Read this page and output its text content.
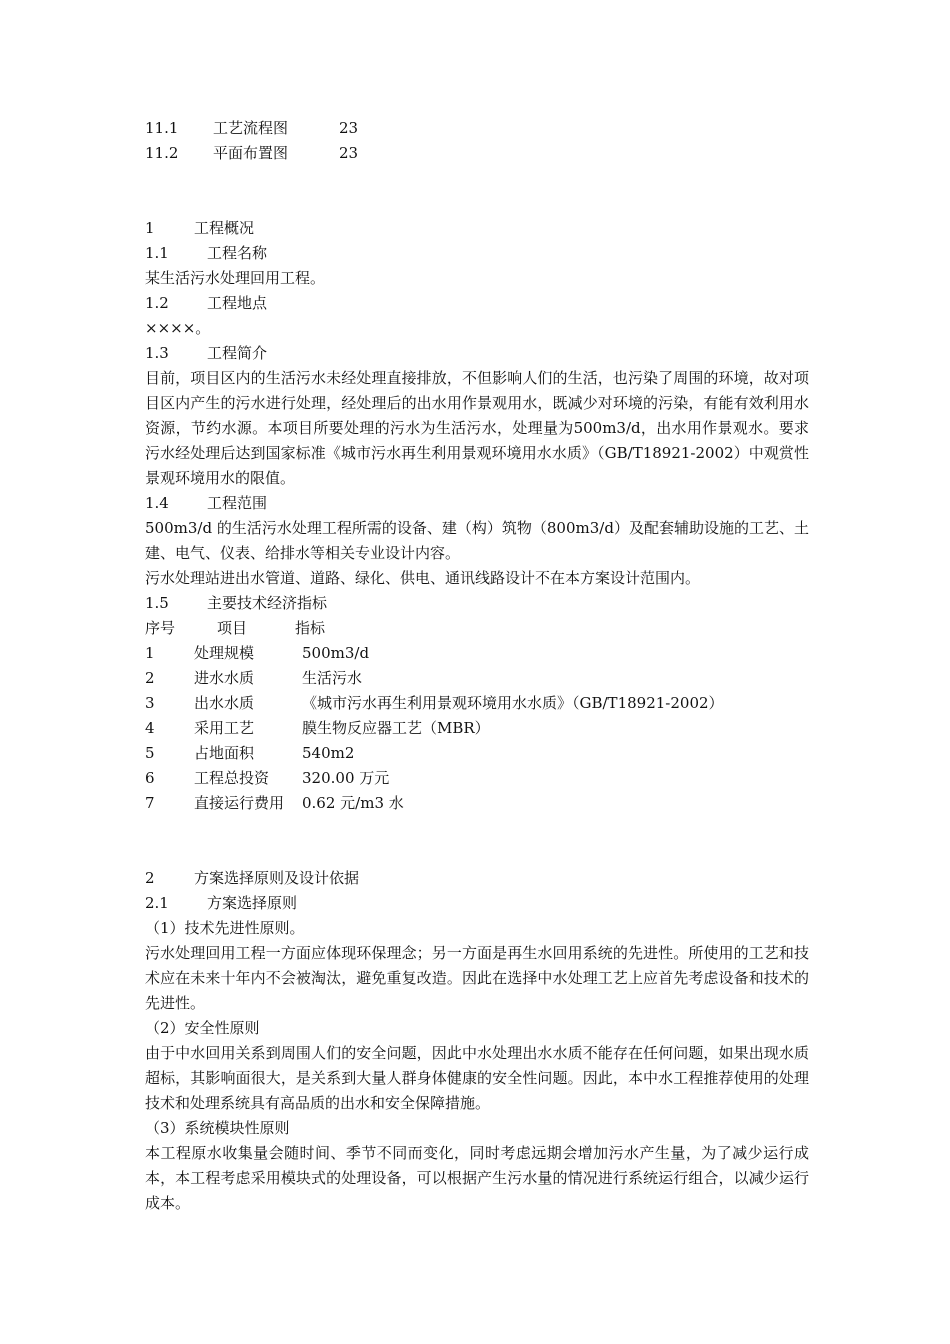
11.1 工艺流程图	23
11.2 平面布置图	23
1	工程概况
1.1	工程名称
某生活污水处理回用工程。
1.2	工程地点
××××。
1.3	工程简介
目前，项目区内的生活污水未经处理直接排放，不但影响人们的生活，也污染了周围的环境，故对项目区内产生的污水进行处理，经处理后的出水用作景观用水，既减少对环境的污染，有能有效利用水资源，节约水源。本项目所要处理的污水为生活污水，处理量为500m3/d，出水用作景观水。要求污水经处理后达到国家标准《城市污水再生利用景观环境用水水质》（GB/T18921-2002）中观赏性景观环境用水的限值。
1.4	工程范围
500m3/d 的生活污水处理工程所需的设备、建（构）筑物（800m3/d）及配套辅助设施的工艺、土建、电气、仪表、给排水等相关专业设计内容。
污水处理站进出水管道、道路、绿化、供电、通讯线路设计不在本方案设计范围内。
1.5	主要技术经济指标
序号	项目	指标
1	处理规模	500m3/d
2	进水水质	生活污水
3	出水水质	《城市污水再生利用景观环境用水水质》（GB/T18921-2002）
4	采用工艺	膜生物反应器工艺（MBR）
5	占地面积	540m2
6	工程总投资 320.00 万元
7	直接运行费用 0.62 元/m3 水
2	方案选择原则及设计依据
2.1	方案选择原则
（1）技术先进性原则。
污水处理回用工程一方面应体现环保理念；另一方面是再生水回用系统的先进性。所使用的工艺和技术应在未来十年内不会被淘汰，避免重复改造。因此在选择中水处理工艺上应首先考虑设备和技术的先进性。
（2）安全性原则
由于中水回用关系到周围人们的安全问题，因此中水处理出水水质不能存在任何问题，如果出现水质超标，其影响面很大，是关系到大量人群身体健康的安全性问题。因此，本中水工程推荐使用的处理技术和处理系统具有高品质的出水和安全保障措施。
（3）系统模块性原则
本工程原水收集量会随时间、季节不同而变化，同时考虑远期会增加污水产生量，为了减少运行成本，本工程考虑采用模块式的处理设备，可以根据产生污水量的情况进行系统运行组合，以减少运行成本。
